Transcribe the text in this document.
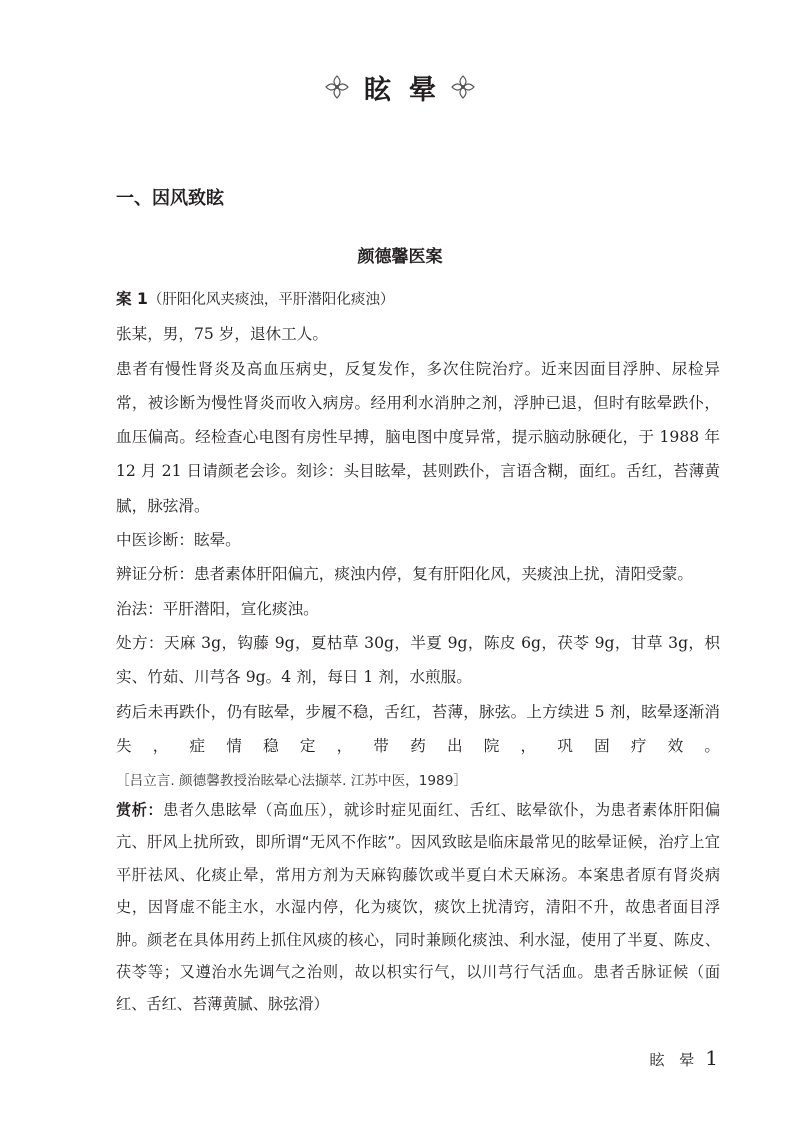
眩晕
一、因风致眩
颜德馨医案

案 1（肝阳化风夹痰浊，平肝潜阳化痰浊）

张某，男，75 岁，退休工人。

患者有慢性肾炎及高血压病史，反复发作，多次住院治疗。近来因面目浮肿、尿检异常，被诊断为慢性肾炎而收入病房。经用利水消肿之剂，浮肿已退，但时有眩晕跌仆，血压偏高。经检查心电图有房性早搏，脑电图中度异常，提示脑动脉硬化，于 1988 年 12 月 21 日请颜老会诊。刻诊：头目眩晕，甚则跌仆，言语含糊，面红。舌红，苔薄黄腻，脉弦滑。

中医诊断：眩晕。

辨证分析：患者素体肝阳偏亢，痰浊内停，复有肝阳化风，夹痰浊上扰，清阳受蒙。

治法：平肝潜阳，宣化痰浊。

处方：天麻 3g，钩藤 9g，夏枯草 30g，半夏 9g，陈皮 6g，茯苓 9g，甘草 3g，枳实、竹茹、川芎各 9g。4 剂，每日 1 剂，水煎服。

药后未再跌仆，仍有眩晕，步履不稳，舌红，苔薄，脉弦。上方续进 5 剂，眩晕逐渐消失，症情稳定，带药出院，巩固疗效。［吕立言. 颜德馨教授治眩晕心法撷萃. 江苏中医，1989］

赏析：患者久患眩晕（高血压），就诊时症见面红、舌红、眩晕欲仆，为患者素体肝阳偏亢、肝风上扰所致，即所谓“无风不作眩”。因风致眩是临床最常见的眩晕证候，治疗上宜平肝祛风、化痰止晕，常用方剂为天麻钩藤饮或半夏白术天麻汤。本案患者原有肾炎病史，因肾虚不能主水，水湿内停，化为痰饮，痰饮上扰清窍，清阳不升，故患者面目浮肿。颜老在具体用药上抓住风痰的核心，同时兼顾化痰浊、利水湿，使用了半夏、陈皮、茯苓等；又遵治水先调气之治则，故以枳实行气，以川芎行气活血。患者舌脉证候（面红、舌红、苔薄黄腻、脉弦滑）

眩 晕 1
